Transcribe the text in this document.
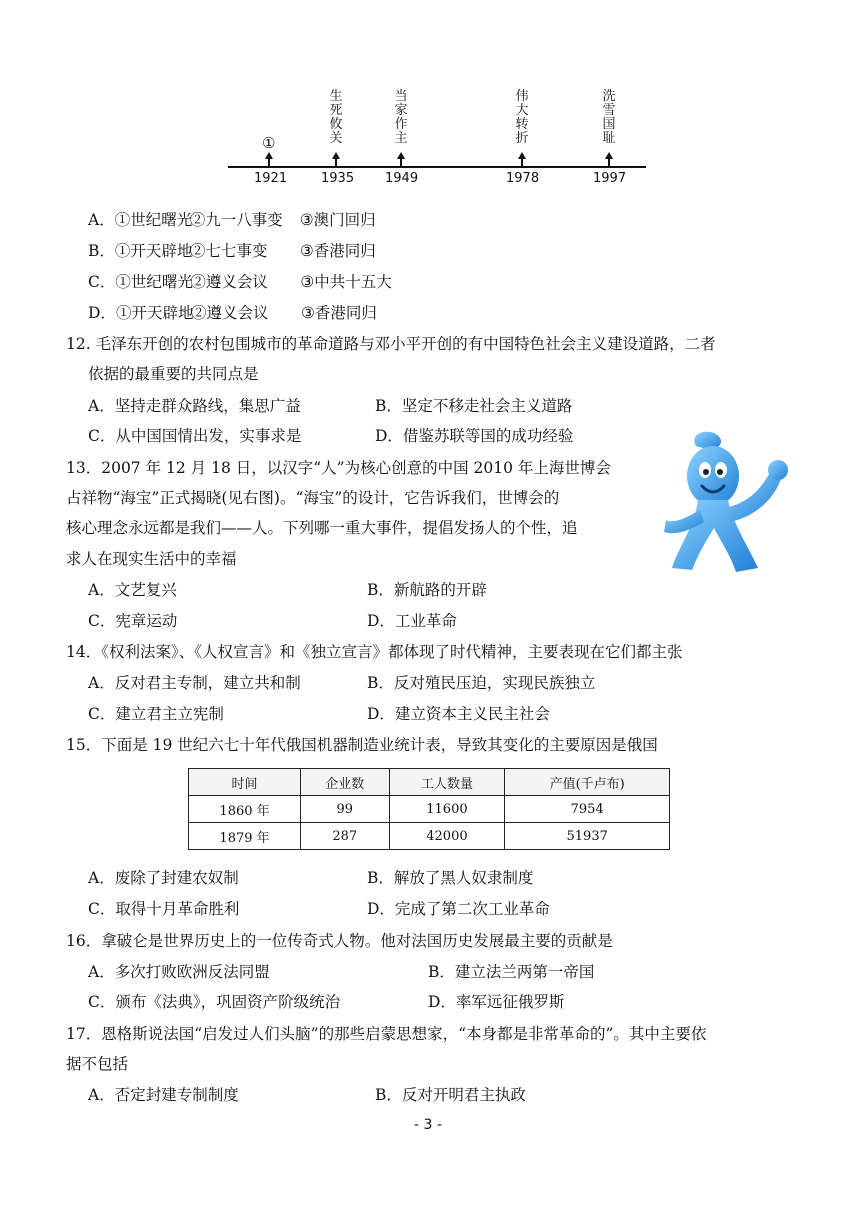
①
生
死
攸
关
当
家
作
主
伟
大
转
折
洗
雪
国
耻
1921	1935 1949	1978	1997
A．①世纪曙光②九一八事变 ③澳门回归
B．①开天辟地②七七事变 ③香港同归
C．①世纪曙光②遵义会议 ③中共十五大
D．①开天辟地②遵义会议 ③香港同归
12. 毛泽东开创的农村包围城市的革命道路与邓小平开创的有中国特色社会主义建设道路，二者
依据的最重要的共同点是
A．坚持走群众路线，集思广益	B．坚定不移走社会主义道路
C．从中国国情出发，实事求是	D．借鉴苏联等国的成功经验
13．2007 年 12 月 18 日，以汉字“人”为核心创意的中国 2010 年上海世博会
占祥物“海宝”正式揭晓(见右图)。“海宝”的设计，它告诉我们，世博会的
核心理念永远都是我们——人。下列哪一重大事件，提倡发扬人的个性，追
求人在现实生活中的幸福
A．文艺复兴	B．新航路的开辟
C．宪章运动	D．工业革命
14．《权利法案》、《人权宣言》和《独立宣言》都体现了时代精神，主要表现在它们都主张
A．反对君主专制，建立共和制	B．反对殖民压迫，实现民族独立
C．建立君主立宪制	D．建立资本主义民主社会
15．下面是 19 世纪六七十年代俄国机器制造业统计表，导致其变化的主要原因是俄国
时间	企业数	工人数量	产值(千卢布)
1860 年	99	11600	7954
1879 年	287	42000	51937
A．废除了封建农奴制	B．解放了黑人奴隶制度
C．取得十月革命胜利	D．完成了第二次工业革命
16．拿破仑是世界历史上的一位传奇式人物。他对法国历史发展最主要的贡献是
A．多次打败欧洲反法同盟	B．建立法兰两第一帝国
C．颁布《法典》，巩固资产阶级统治	D．率军远征俄罗斯
17．恩格斯说法国“启发过人们头脑”的那些启蒙思想家，“本身都是非常革命的”。其中主要依
据不包括
A．否定封建专制制度	B．反对开明君主执政
- 3 -
